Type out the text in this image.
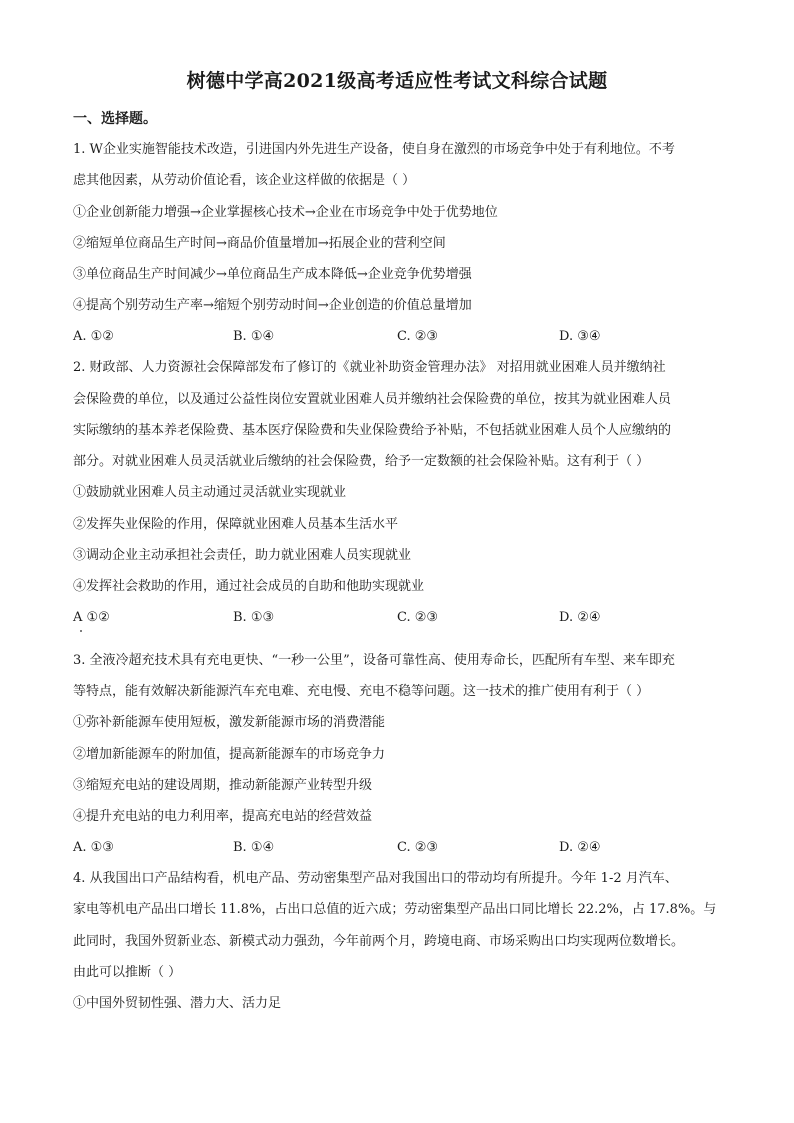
树德中学高2021级高考适应性考试文科综合试题
一、选择题。
1. W企业实施智能技术改造，引进国内外先进生产设备，使自身在激烈的市场竞争中处于有利地位。不考
虑其他因素，从劳动价值论看，该企业这样做的依据是（ ）
①企业创新能力增强→企业掌握核心技术→企业在市场竞争中处于优势地位
②缩短单位商品生产时间→商品价值量增加→拓展企业的营利空间
③单位商品生产时间减少→单位商品生产成本降低→企业竞争优势增强
④提高个别劳动生产率→缩短个别劳动时间→企业创造的价值总量增加
A. ①②	B. ①④	C. ②③	D. ③④
2. 财政部、人力资源社会保障部发布了修订的《就业补助资金管理办法》 对招用就业困难人员并缴纳社
会保险费的单位，以及通过公益性岗位安置就业困难人员并缴纳社会保险费的单位，按其为就业困难人员
实际缴纳的基本养老保险费、基本医疗保险费和失业保险费给予补贴，不包括就业困难人员个人应缴纳的
部分。对就业困难人员灵活就业后缴纳的社会保险费，给予一定数额的社会保险补贴。这有利于（ ）
①鼓励就业困难人员主动通过灵活就业实现就业
②发挥失业保险的作用，保障就业困难人员基本生活水平
③调动企业主动承担社会责任，助力就业困难人员实现就业
④发挥社会救助的作用，通过社会成员的自助和他助实现就业
A ①②	B. ①③	C. ②③	D. ②④
3. 全液冷超充技术具有充电更快、“一秒一公里”，设备可靠性高、使用寿命长，匹配所有车型、来车即充
等特点，能有效解决新能源汽车充电难、充电慢、充电不稳等问题。这一技术的推广使用有利于（ ）
①弥补新能源车使用短板，激发新能源市场的消费潜能
②增加新能源车的附加值，提高新能源车的市场竞争力
③缩短充电站的建设周期，推动新能源产业转型升级
④提升充电站的电力利用率，提高充电站的经营效益
A. ①③	B. ①④	C. ②③	D. ②④
4. 从我国出口产品结构看，机电产品、劳动密集型产品对我国出口的带动均有所提升。今年 1-2 月汽车、
家电等机电产品出口增长 11.8%，占出口总值的近六成；劳动密集型产品出口同比增长 22.2%，占 17.8%。与
此同时，我国外贸新业态、新模式动力强劲，今年前两个月，跨境电商、市场采购出口均实现两位数增长。
由此可以推断（ ）
①中国外贸韧性强、潜力大、活力足
